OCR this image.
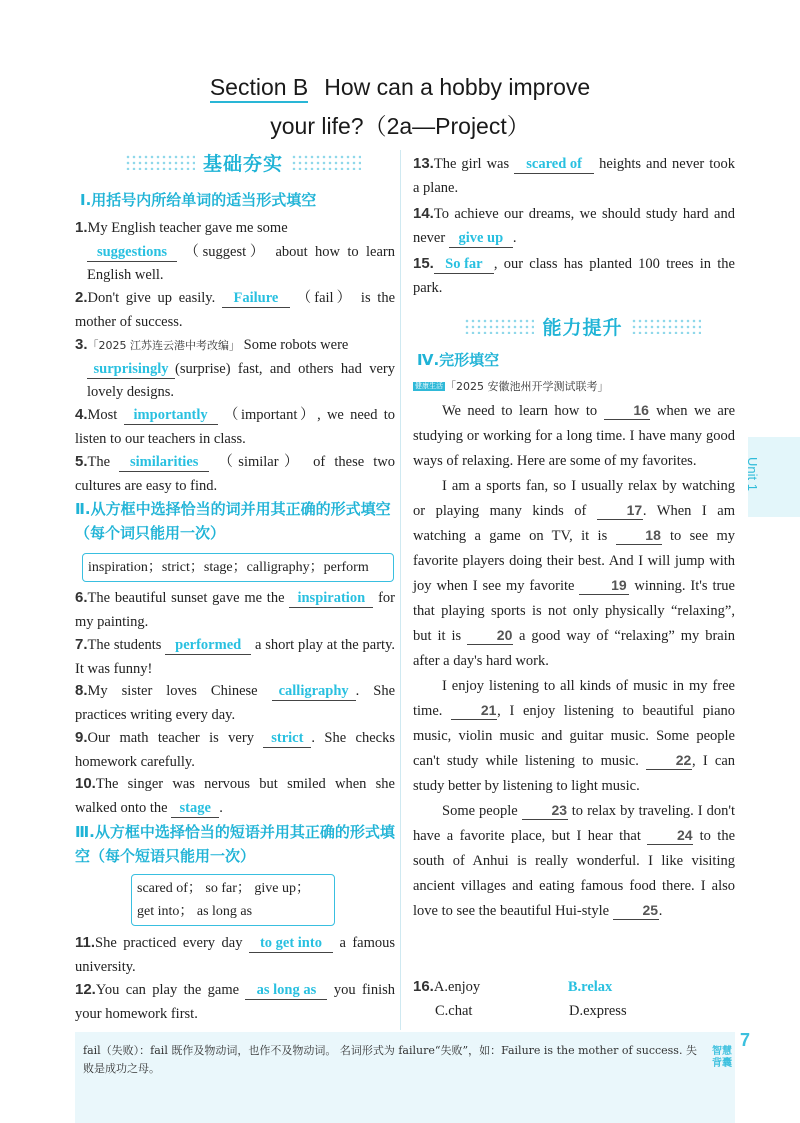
Section B How can a hobby improve
your life?（2a—Project）
基础夯实
Ⅰ.用括号内所给单词的适当形式填空
1.My English teacher gave me some
suggestions （suggest） about how to learn English well.
2.Don't give up easily. Failure （fail） is the mother of success.
3.「2025 江苏连云港中考改编」 Some robots were
surprisingly (surprise) fast, and others had very lovely designs.
4.Most importantly （important）, we need to listen to our teachers in class.
5.The similarities （similar） of these two cultures are easy to find.
Ⅱ.从方框中选择恰当的词并用其正确的形式填空（每个词只能用一次）
inspiration；strict；stage；calligraphy；perform
6.The beautiful sunset gave me the inspiration for my painting.
7.The students performed a short play at the party. It was funny!
8.My sister loves Chinese calligraphy . She practices writing every day.
9.Our math teacher is very strict . She checks homework carefully.
10.The singer was nervous but smiled when she walked onto the stage .
Ⅲ.从方框中选择恰当的短语并用其正确的形式填空（每个短语只能用一次）
scared of； so far； give up；
get into； as long as
11.She practiced every day to get into a famous university.
12.You can play the game as long as you finish your homework first.
13.The girl was scared of heights and never took a plane.
14.To achieve our dreams, we should study hard and never give up .
15. So far , our class has planted 100 trees in the park.
能力提升
Ⅳ.完形填空
健康生活 「2025 安徽池州开学测试联考」

We need to learn how to	16 when we are studying or working for a long time. I have many good ways of relaxing. Here are some of my favorites.

I am a sports fan, so I usually relax by watching or playing many kinds of	17. When I am watching a game on TV, it is	18 to see my favorite players doing their best. And I will jump with joy when I see my favorite	19 winning. It's true that playing sports is not only physically “relaxing”, but it is	20 a good way of “relaxing” my brain after a day's hard work.

I enjoy listening to all kinds of music in my free time.	21, I enjoy listening to beautiful piano music, violin music and guitar music. Some people can't study while listening to music.	22, I can study better by listening to light music.

Some people 23 to relax by traveling. I don't have a favorite place, but I hear that	24 to the south of Anhui is really wonderful. I like visiting ancient villages and eating famous food there. I also love to see the beautiful Hui-style 25.

16. A.enjoy	B.relax
C.chat	D.express
Unit 1
fail（失败）：fail 既作及物动词，也作不及物动词。 名词形式为 failure“失败”，如：Failure is the mother of success. 失败是成功之母。
7
智慧
背囊
